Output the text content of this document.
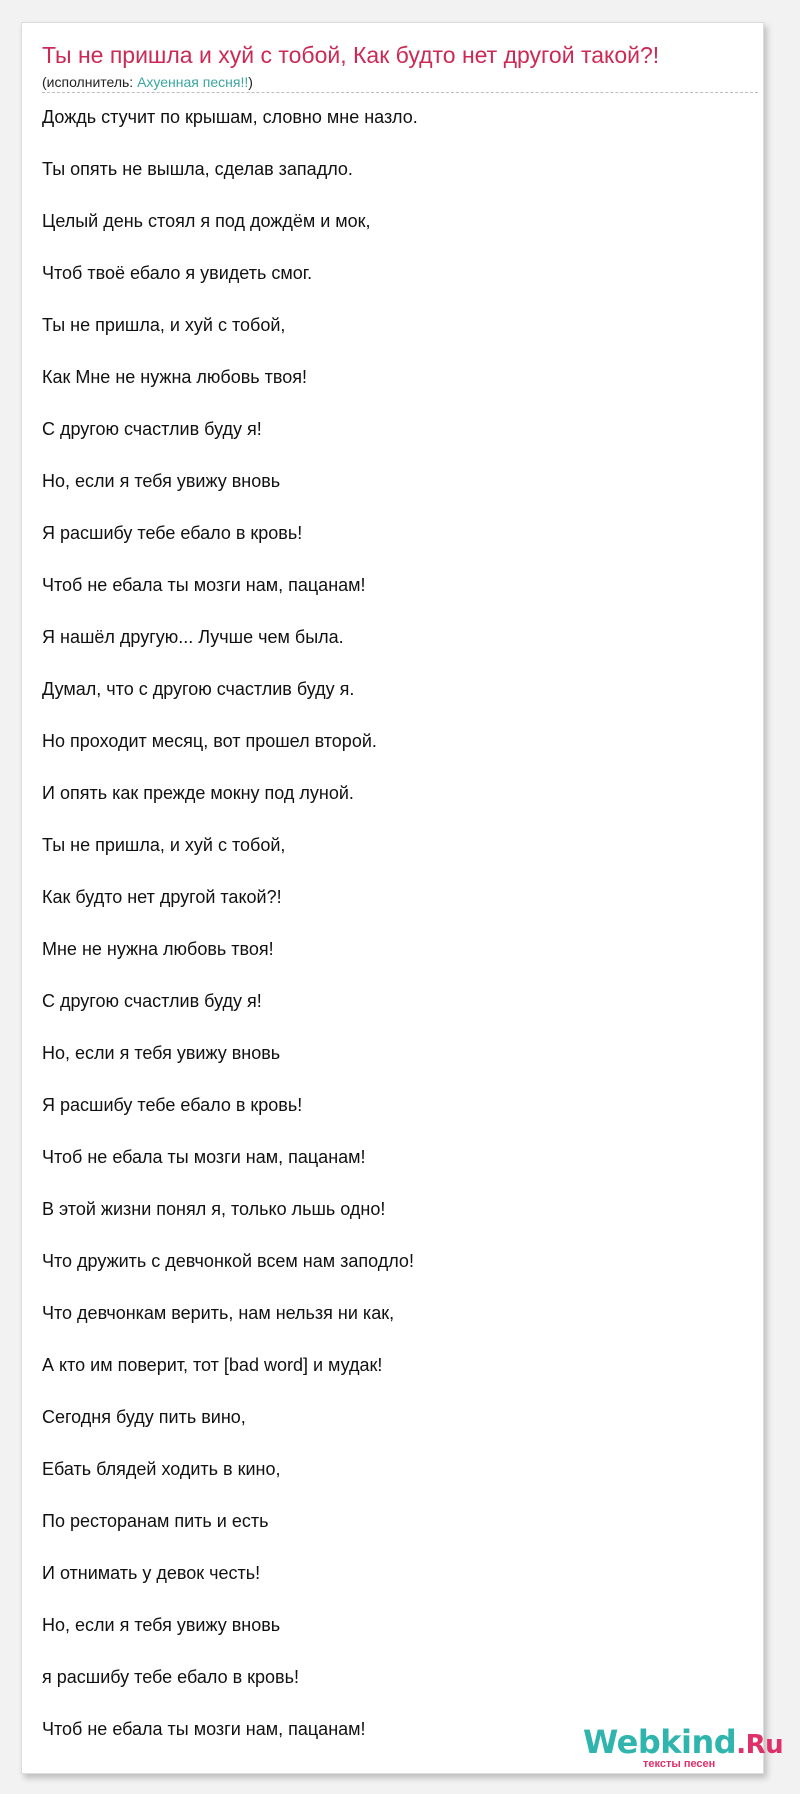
Ты не пришла и хуй с тобой, Как будто нет другой такой?!
(исполнитель: Ахуенная песня!!)
Дождь стучит по крышам, словно мне назло.
Ты опять не вышла, сделав западло.
Целый день стоял я под дождём и мок,
Чтоб твоё ебало я увидеть смог.
Ты не пришла, и хуй с тобой,
Как Мне не нужна любовь твоя!
С другою счастлив буду я!
Но, если я тебя увижу вновь
Я расшибу тебе ебало в кровь!
Чтоб не ебала ты мозги нам, пацанам!
Я нашёл другую... Лучше чем была.
Думал, что с другою счастлив буду я.
Но проходит месяц, вот прошел второй.
И опять как прежде мокну под луной.
Ты не пришла, и хуй с тобой,
Как будто нет другой такой?!
Мне не нужна любовь твоя!
С другою счастлив буду я!
Но, если я тебя увижу вновь
Я расшибу тебе ебало в кровь!
Чтоб не ебала ты мозги нам, пацанам!
В этой жизни понял я, только льшь одно!
Что дружить с девчонкой всем нам заподло!
Что девчонкам верить, нам нельзя ни как,
А кто им поверит, тот [bad word] и мудак!
Сегодня буду пить вино,
Ебать блядей ходить в кино,
По ресторанам пить и есть
И отнимать у девок честь!
Но, если я тебя увижу вновь
я расшибу тебе ебало в кровь!
Чтоб не ебала ты мозги нам, пацанам!	Webkind.Ru
тексты песен
